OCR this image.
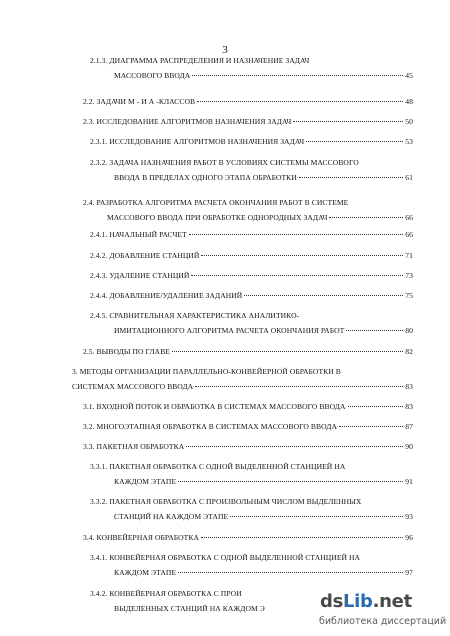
3
2.1.3. ДИАГРАММА РАСПРЕДЕЛЕНИЯ И НАЗНАЧЕНИЕ ЗАДАЧ
МАССОВОГО ВВОДА	45
2.2. ЗАДАЧИ М - И А -КЛАССОВ	48
2.3. ИССЛЕДОВАНИЕ АЛГОРИТМОВ НАЗНАЧЕНИЯ ЗАДАЧ	50
2.3.1. ИССЛЕДОВАНИЕ АЛГОРИТМОВ НАЗНАЧЕНИЯ ЗАДАЧ	53
2.3.2. ЗАДАЧА НАЗНАЧЕНИЯ РАБОТ В УСЛОВИЯХ СИСТЕМЫ МАССОВОГО
ВВОДА В ПРЕДЕЛАХ ОДНОГО ЭТАПА ОБРАБОТКИ	61
2.4. РАЗРАБОТКА АЛГОРИТМА РАСЧЕТА ОКОНЧАНИЯ РАБОТ В СИСТЕМЕ
МАССОВОГО ВВОДА ПРИ ОБРАБОТКЕ ОДНОРОДНЫХ ЗАДАЧ	66
2.4.1. НАЧАЛЬНЫЙ РАСЧЕТ	66
2.4.2. ДОБАВЛЕНИЕ СТАНЦИЙ	71
2.4.3. УДАЛЕНИЕ СТАНЦИЙ	73
2.4.4. ДОБАВЛЕНИЕ/УДАЛЕНИЕ ЗАДАНИЙ	75
2.4.5. СРАВНИТЕЛЬНАЯ ХАРАКТЕРИСТИКА АНАЛИТИКО-
ИМИТАЦИОННОГО АЛГОРИТМА РАСЧЕТА ОКОНЧАНИЯ РАБОТ	80
2.5. ВЫВОДЫ ПО ГЛАВЕ	82
3. МЕТОДЫ ОРГАНИЗАЦИИ ПАРАЛЛЕЛЬНО-КОНВЕЙЕРНОЙ ОБРАБОТКИ В
СИСТЕМАХ МАССОВОГО ВВОДА	83
3.1. ВХОДНОЙ ПОТОК И ОБРАБОТКА В СИСТЕМАХ МАССОВОГО ВВОДА	83
3.2. МНОГОЭТАПНАЯ ОБРАБОТКА В СИСТЕМАХ МАССОВОГО ВВОДА	87
3.3. ПАКЕТНАЯ ОБРАБОТКА	90
3.3.1. ПАКЕТНАЯ ОБРАБОТКА С ОДНОЙ ВЫДЕЛЕННОЙ СТАНЦИЕЙ НА
КАЖДОМ ЭТАПЕ	91
3.3.2. ПАКЕТНАЯ ОБРАБОТКА С ПРОИЗВОЛЬНЫМ ЧИСЛОМ ВЫДЕЛЕННЫХ
СТАНЦИЙ НА КАЖДОМ ЭТАПЕ	93
3.4. КОНВЕЙЕРНАЯ ОБРАБОТКА	96
3.4.1. КОНВЕЙЕРНАЯ ОБРАБОТКА С ОДНОЙ ВЫДЕЛЕННОЙ СТАНЦИЕЙ НА
КАЖДОМ ЭТАПЕ	97
3.4.2. КОНВЕЙЕРНАЯ ОБРАБОТКА С ПРОИ
ВЫДЕЛЕННЫХ СТАНЦИЙ НА КАЖДОМ Э	dsLib.net
библиотека диссертаций
